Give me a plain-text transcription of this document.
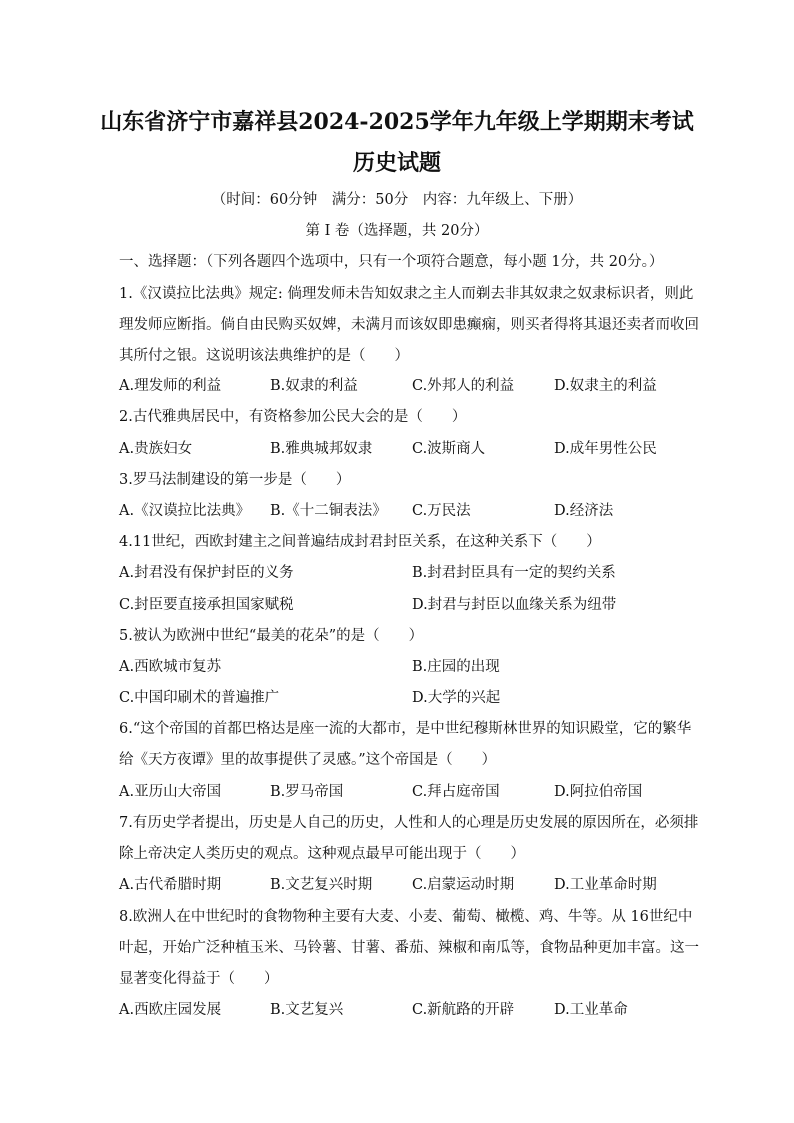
山东省济宁市嘉祥县2024-2025学年九年级上学期期末考试
历史试题
（时间：60分钟　满分：50分　内容：九年级上、下册）
第 I 卷（选择题，共 20分）
一、选择题：（下列各题四个选项中，只有一个项符合题意，每小题 1分，共 20分。）
1.《汉谟拉比法典》规定: 倘理发师未告知奴隶之主人而剃去非其奴隶之奴隶标识者，则此
理发师应断指。倘自由民购买奴婢，未满月而该奴即患癫痫，则买者得将其退还卖者而收回
其所付之银。这说明该法典维护的是（　　）
A.理发师的利益	B.奴隶的利益	C.外邦人的利益	D.奴隶主的利益
2.古代雅典居民中，有资格参加公民大会的是（　　）
A.贵族妇女	B.雅典城邦奴隶	C.波斯商人	D.成年男性公民
3.罗马法制建设的第一步是（　　）
A.《汉谟拉比法典》 B.《十二铜表法》 C.万民法	D.经济法
4.11世纪，西欧封建主之间普遍结成封君封臣关系，在这种关系下（　　）
A.封君没有保护封臣的义务	B.封君封臣具有一定的契约关系
C.封臣要直接承担国家赋税	D.封君与封臣以血缘关系为纽带
5.被认为欧洲中世纪“最美的花朵”的是（　　）
A.西欧城市复苏	B.庄园的出现
C.中国印刷术的普遍推广	D.大学的兴起
6.“这个帝国的首都巴格达是座一流的大都市，是中世纪穆斯林世界的知识殿堂，它的繁华
给《天方夜谭》里的故事提供了灵感。”这个帝国是（　　）
A.亚历山大帝国	B.罗马帝国	C.拜占庭帝国	D.阿拉伯帝国
7.有历史学者提出，历史是人自己的历史，人性和人的心理是历史发展的原因所在，必须排
除上帝决定人类历史的观点。这种观点最早可能出现于（　　）
A.古代希腊时期	B.文艺复兴时期	C.启蒙运动时期	D.工业革命时期
8.欧洲人在中世纪时的食物物种主要有大麦、小麦、葡萄、橄榄、鸡、牛等。从 16世纪中
叶起，开始广泛种植玉米、马铃薯、甘薯、番茄、辣椒和南瓜等，食物品种更加丰富。这一
显著变化得益于（　　）
A.西欧庄园发展	B.文艺复兴	C.新航路的开辟	D.工业革命
